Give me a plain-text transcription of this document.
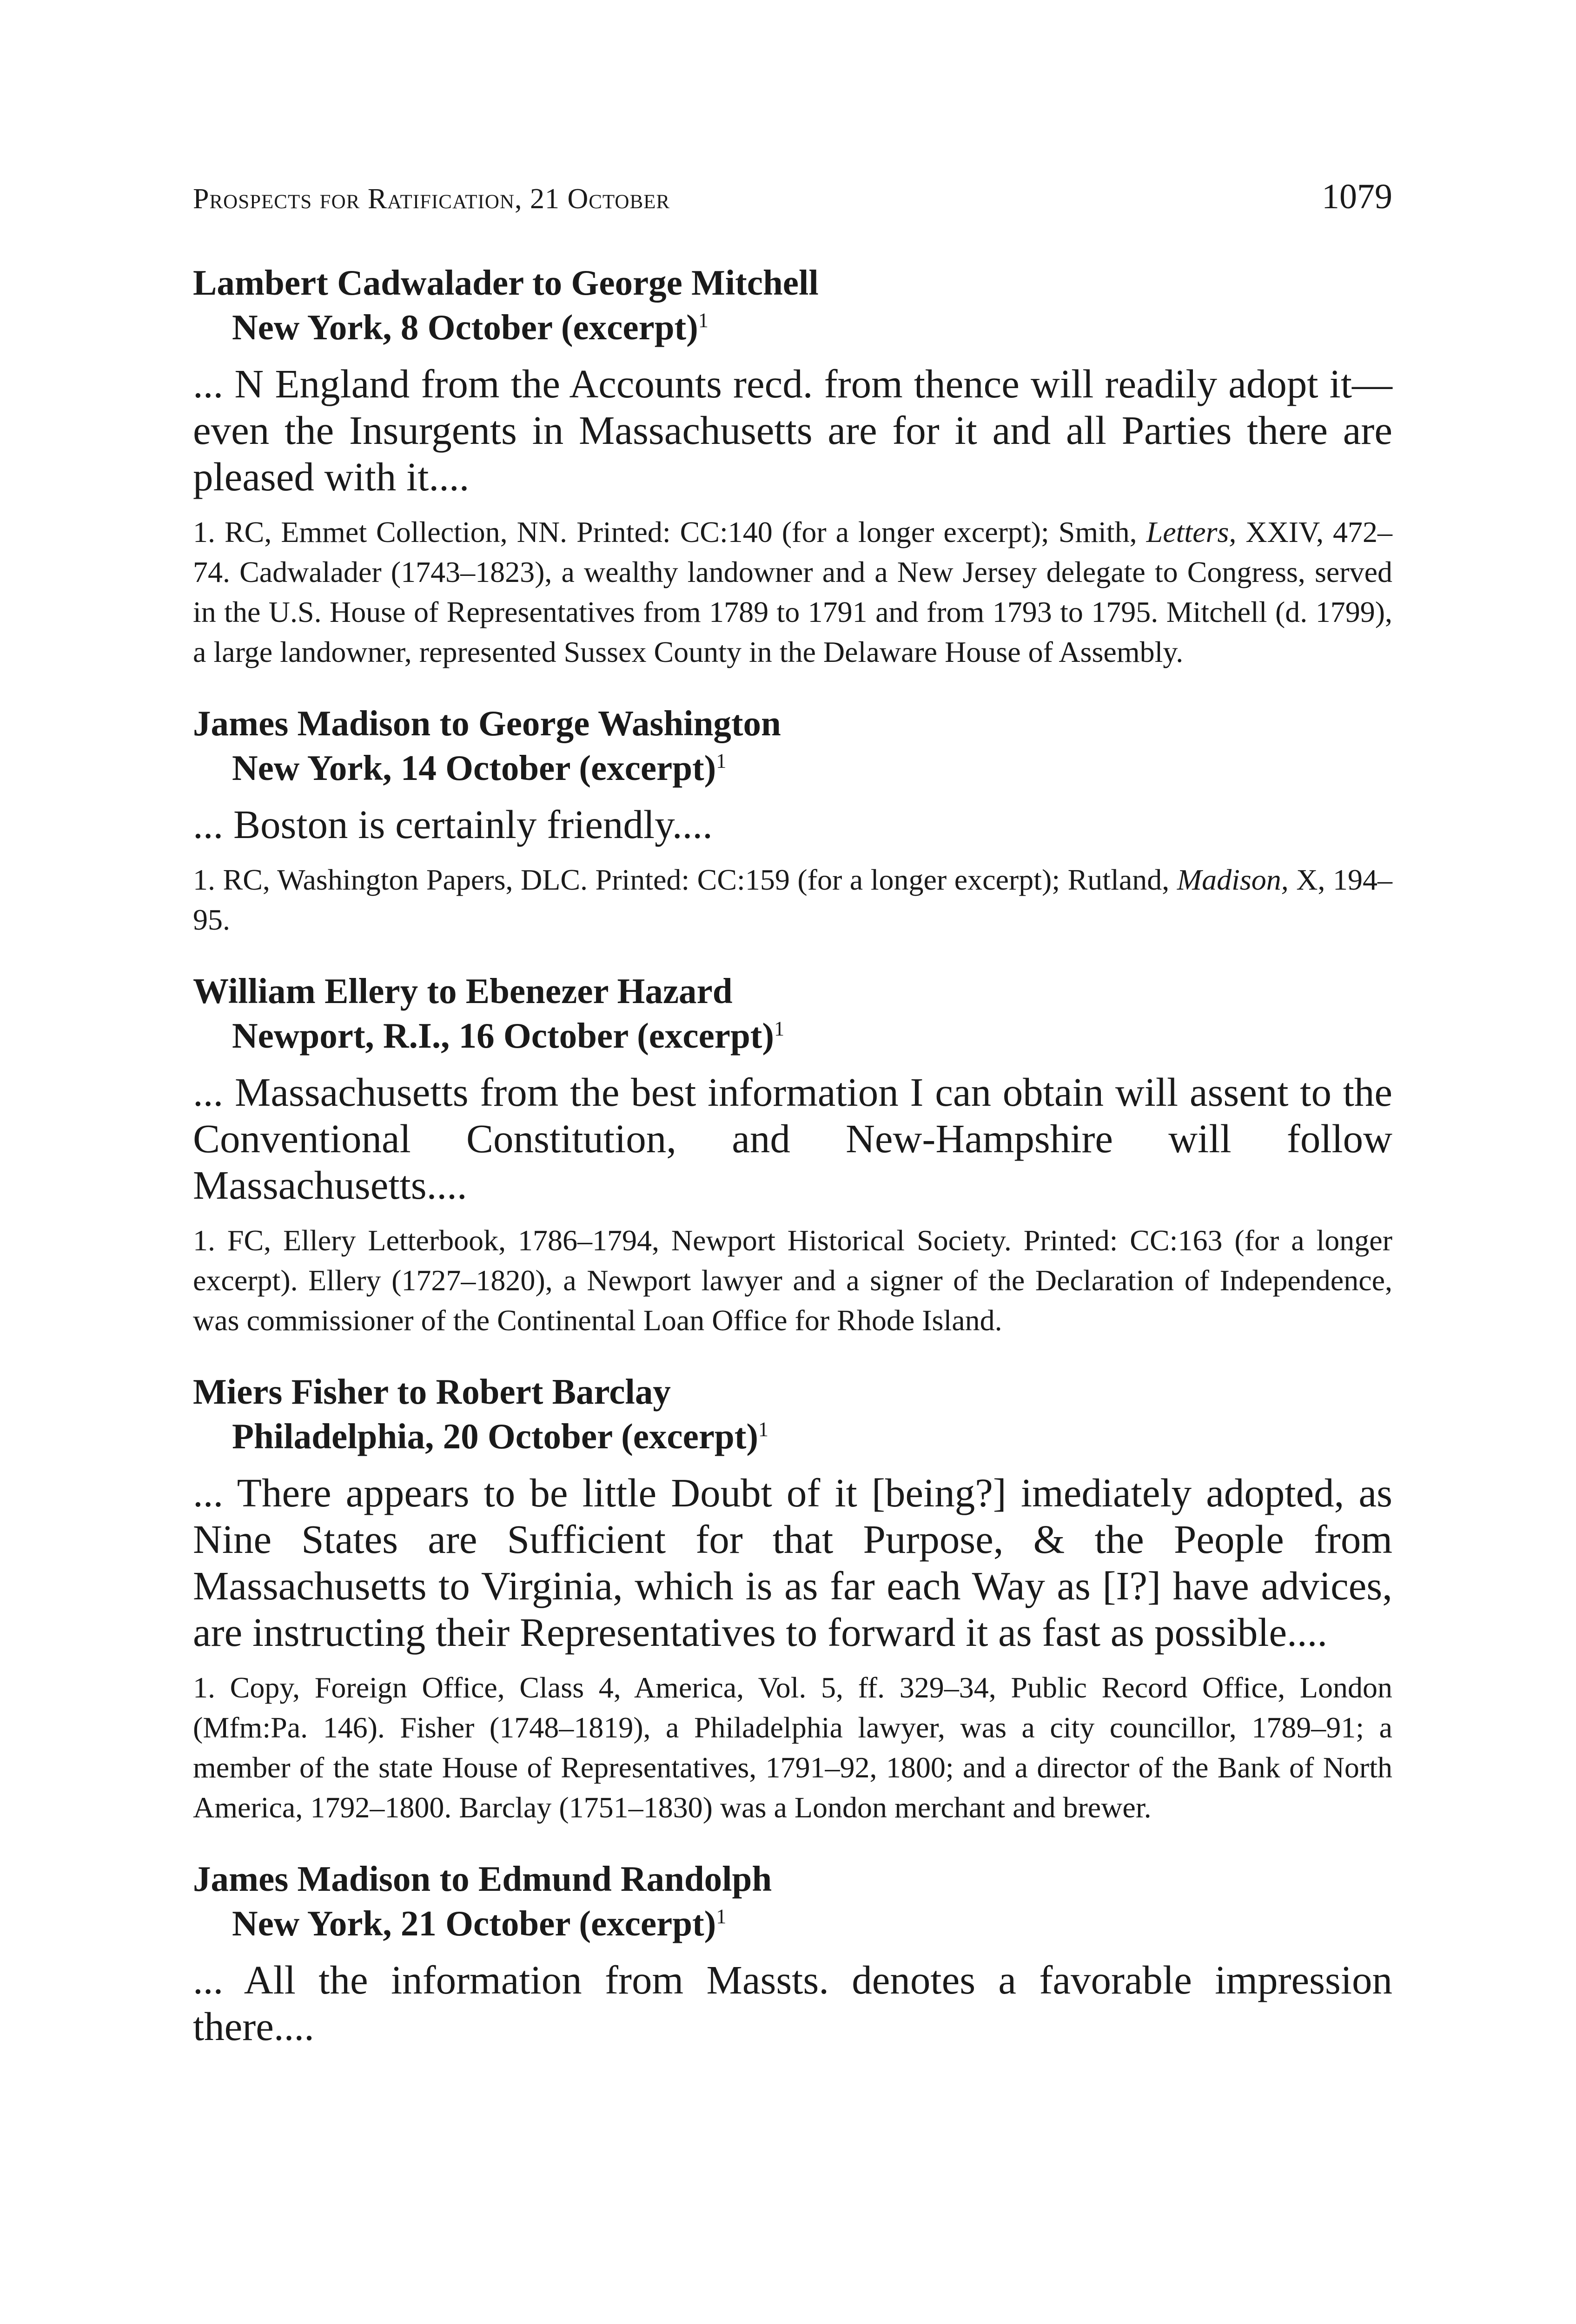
Prospects for Ratification, 21 October	1079
Lambert Cadwalader to George Mitchell
New York, 8 October (excerpt)$^1$
... N England from the Accounts recd. from thence will readily adopt it—even the Insurgents in Massachusetts are for it and all Parties there are pleased with it....
1. RC, Emmet Collection, NN. Printed: CC:140 (for a longer excerpt); Smith, Letters, XXIV, 472–74. Cadwalader (1743–1823), a wealthy landowner and a New Jersey delegate to Congress, served in the U.S. House of Representatives from 1789 to 1791 and from 1793 to 1795. Mitchell (d. 1799), a large landowner, represented Sussex County in the Delaware House of Assembly.
James Madison to George Washington
New York, 14 October (excerpt)$^1$
... Boston is certainly friendly....
1. RC, Washington Papers, DLC. Printed: CC:159 (for a longer excerpt); Rutland, Madison, X, 194–95.
William Ellery to Ebenezer Hazard
Newport, R.I., 16 October (excerpt)$^1$
... Massachusetts from the best information I can obtain will assent to the Conventional Constitution, and New-Hampshire will follow Massachusetts....
1. FC, Ellery Letterbook, 1786–1794, Newport Historical Society. Printed: CC:163 (for a longer excerpt). Ellery (1727–1820), a Newport lawyer and a signer of the Declaration of Independence, was commissioner of the Continental Loan Office for Rhode Island.
Miers Fisher to Robert Barclay
Philadelphia, 20 October (excerpt)$^1$
... There appears to be little Doubt of it [being?] imediately adopted, as Nine States are Sufficient for that Purpose, & the People from Massachusetts to Virginia, which is as far each Way as [I?] have advices, are instructing their Representatives to forward it as fast as possible....
1. Copy, Foreign Office, Class 4, America, Vol. 5, ff. 329–34, Public Record Office, London (Mfm:Pa. 146). Fisher (1748–1819), a Philadelphia lawyer, was a city councillor, 1789–91; a member of the state House of Representatives, 1791–92, 1800; and a director of the Bank of North America, 1792–1800. Barclay (1751–1830) was a London merchant and brewer.
James Madison to Edmund Randolph
New York, 21 October (excerpt)$^1$
... All the information from Massts. denotes a favorable impression there....
